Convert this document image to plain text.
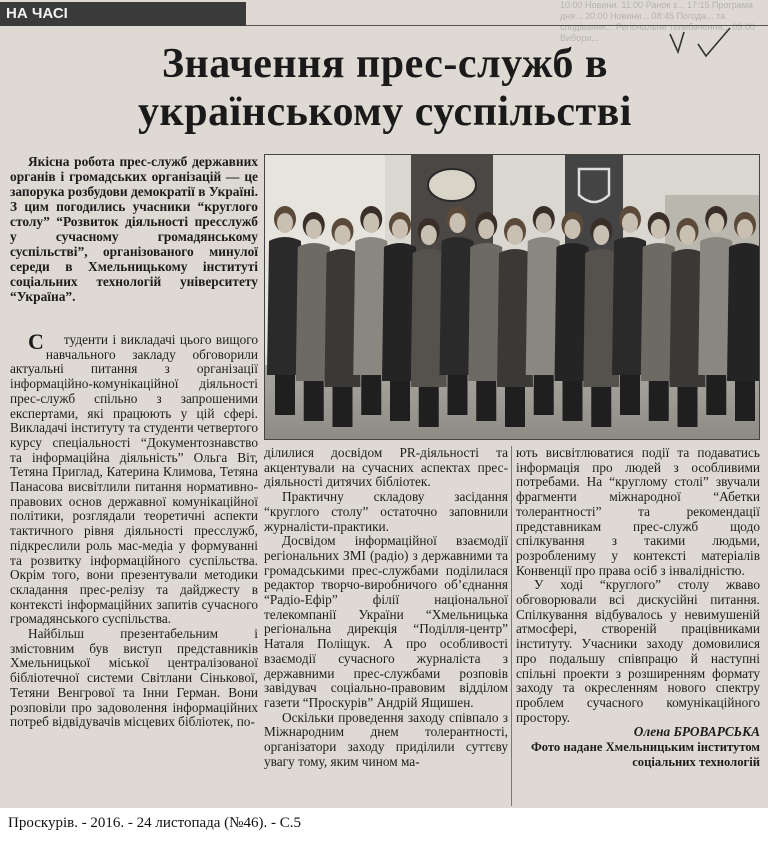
НА ЧАСІ	10:00 Новини. 11:00 Ранок з... 17:15 Програма дня... 20:00 Новини... 08:45 Погода... та сподівання... Регіональне телебачення... 09:00 Вибори...
Значення прес-служб в
українському суспільстві
Якісна робота прес-служб державних органів і громадських організацій — це запорука розбудови демократії в Україні. З цим погодились учасники “круглого столу” “Розвиток діяльності пресслужб у сучасному громадянському суспільстві”, організованого минулої середи в Хмельницькому інституті соціальних технологій університету “Україна”.

С туденти і викладачі цього вищого навчального закладу обговорили актуальні питання з організації інформаційно-комунікаційної діяльності прес-служб спільно з запрошеними експертами, які працюють у цій сфері. Викладачі інституту та студенти четвертого курсу спеціальності “Документознавство та інформаційна діяльність” Ольга Віт, Тетяна Приглад, Катерина Климова, Тетяна Панасова висвітлили питання нормативно-правових основ державної комунікаційної політики, розглядали теоретичні аспекти тактичного рівня діяльності пресслужб, підкреслили роль мас-медіа у формуванні та розвитку інформаційного суспільства. Окрім того, вони презентували методики складання прес-релізу та дайджесту в контексті інформаційних запитів сучасного громадянського суспільства.

Найбільш презентабельним і змістовним був виступ представників Хмельницької міської централізованої бібліотечної системи Світлани Сінькової, Тетяни Венгрової та Інни Герман. Вони розповіли про задоволення інформаційних потреб відвідувачів місцевих бібліотек, по-

ділилися досвідом PR-діяльності та акцентували на сучасних аспектах прес-діяльності дитячих бібліотек.

Практичну складову засідання “круглого столу” остаточно заповнили журналісти-практики.

Досвідом інформаційної взаємодії регіональних ЗМІ (радіо) з державними та громадськими прес-службами поділилася редактор творчо-виробничого об’єднання “Радіо-Ефір” філії національної телекомпанії України “Хмельницька регіональна дирекція “Поділля-центр” Наталя Поліщук. А про особливості взаємодії сучасного журналіста з державними прес-службами розповів завідувач соціально-правовим відділом газети “Проскурів” Андрій Ящишен.

Оскільки проведення заходу співпало з Міжнародним днем толерантності, організатори заходу приділили суттєву увагу тому, яким чином ма-

ють висвітлюватися події та подаватись інформація про людей з особливими потребами. На “круглому столі” звучали фрагменти міжнародної “Абетки толерантності” та рекомендації представникам прес-служб щодо спілкування з такими людьми, розроблениму у контексті матеріалів Конвенції про права осіб з інвалідністю.

У ході “круглого” столу жваво обговорювали всі дискусійні питання. Спілкування відбувалось у невимушеній атмосфері, створеній працівниками інституту. Учасники заходу домовилися про подальшу співпрацю й наступні спільні проекти з розширенням формату заходу та окресленням нового спектру проблем сучасного комунікаційного простору.

Олена БРОВАРСЬКА

Фото надане Хмельницьким інститутом соціальних технологій

Проскурів. - 2016. - 24 листопада (№46). - С.5
